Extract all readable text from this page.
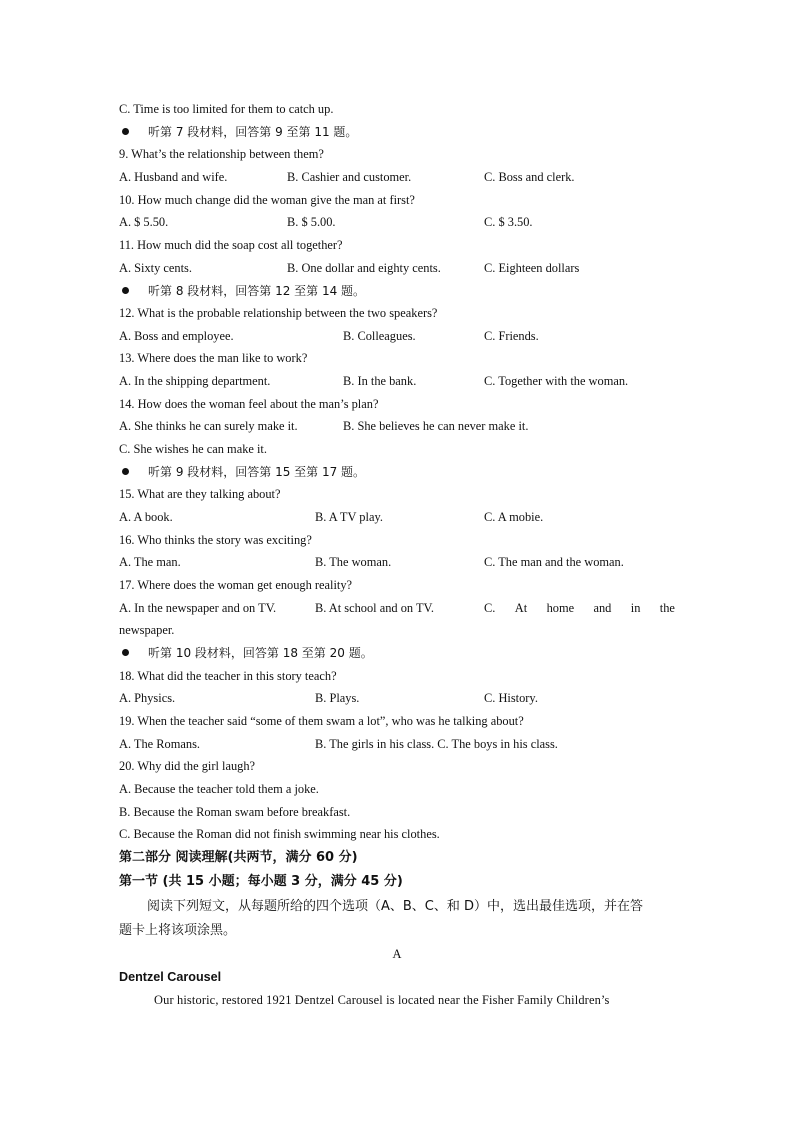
C. Time is too limited for them to catch up.
听第 7 段材料，回答第 9 至第 11 题。
9. What’s the relationship between them?
A. Husband and wife.	B. Cashier and customer.	C. Boss and clerk.
10. How much change did the woman give the man at first?
A. $ 5.50.	B. $ 5.00.	C. $ 3.50.
11. How much did the soap cost all together?
A. Sixty cents.	B. One dollar and eighty cents.	C. Eighteen dollars
听第 8 段材料，回答第 12 至第 14 题。
12. What is the probable relationship between the two speakers?
A. Boss and employee.	B. Colleagues.	C. Friends.
13. Where does the man like to work?
A. In the shipping department.	B. In the bank.	C. Together with the woman.
14. How does the woman feel about the man’s plan?
A. She thinks he can surely make it.	B. She believes he can never make it.
C. She wishes he can make it.
听第 9 段材料，回答第 15 至第 17 题。
15. What are they talking about?
A. A book.	B. A TV play.	C. A mobie.
16. Who thinks the story was exciting?
A. The man.	B. The woman.	C. The man and the woman.
17. Where does the woman get enough reality?
A. In the newspaper and on TV.	B. At school and on TV.	C. At home and in the
newspaper.
听第 10 段材料，回答第 18 至第 20 题。
18. What did the teacher in this story teach?
A. Physics.	B. Plays.	C. History.
19. When the teacher said “some of them swam a lot”, who was he talking about?
A. The Romans.	B. The girls in his class. C. The boys in his class.
20. Why did the girl laugh?
A. Because the teacher told them a joke.
B. Because the Roman swam before breakfast.
C. Because the Roman did not finish swimming near his clothes.
第二部分 阅读理解(共两节，满分 60 分)
第一节 (共 15 小题；每小题 3 分，满分 45 分)
阅读下列短文，从每题所给的四个选项（A、B、C、和 D）中，选出最佳选项，并在答
题卡上将该项涂黑。
A
Dentzel Carousel
Our historic, restored 1921 Dentzel Carousel is located near the Fisher Family Children’s
